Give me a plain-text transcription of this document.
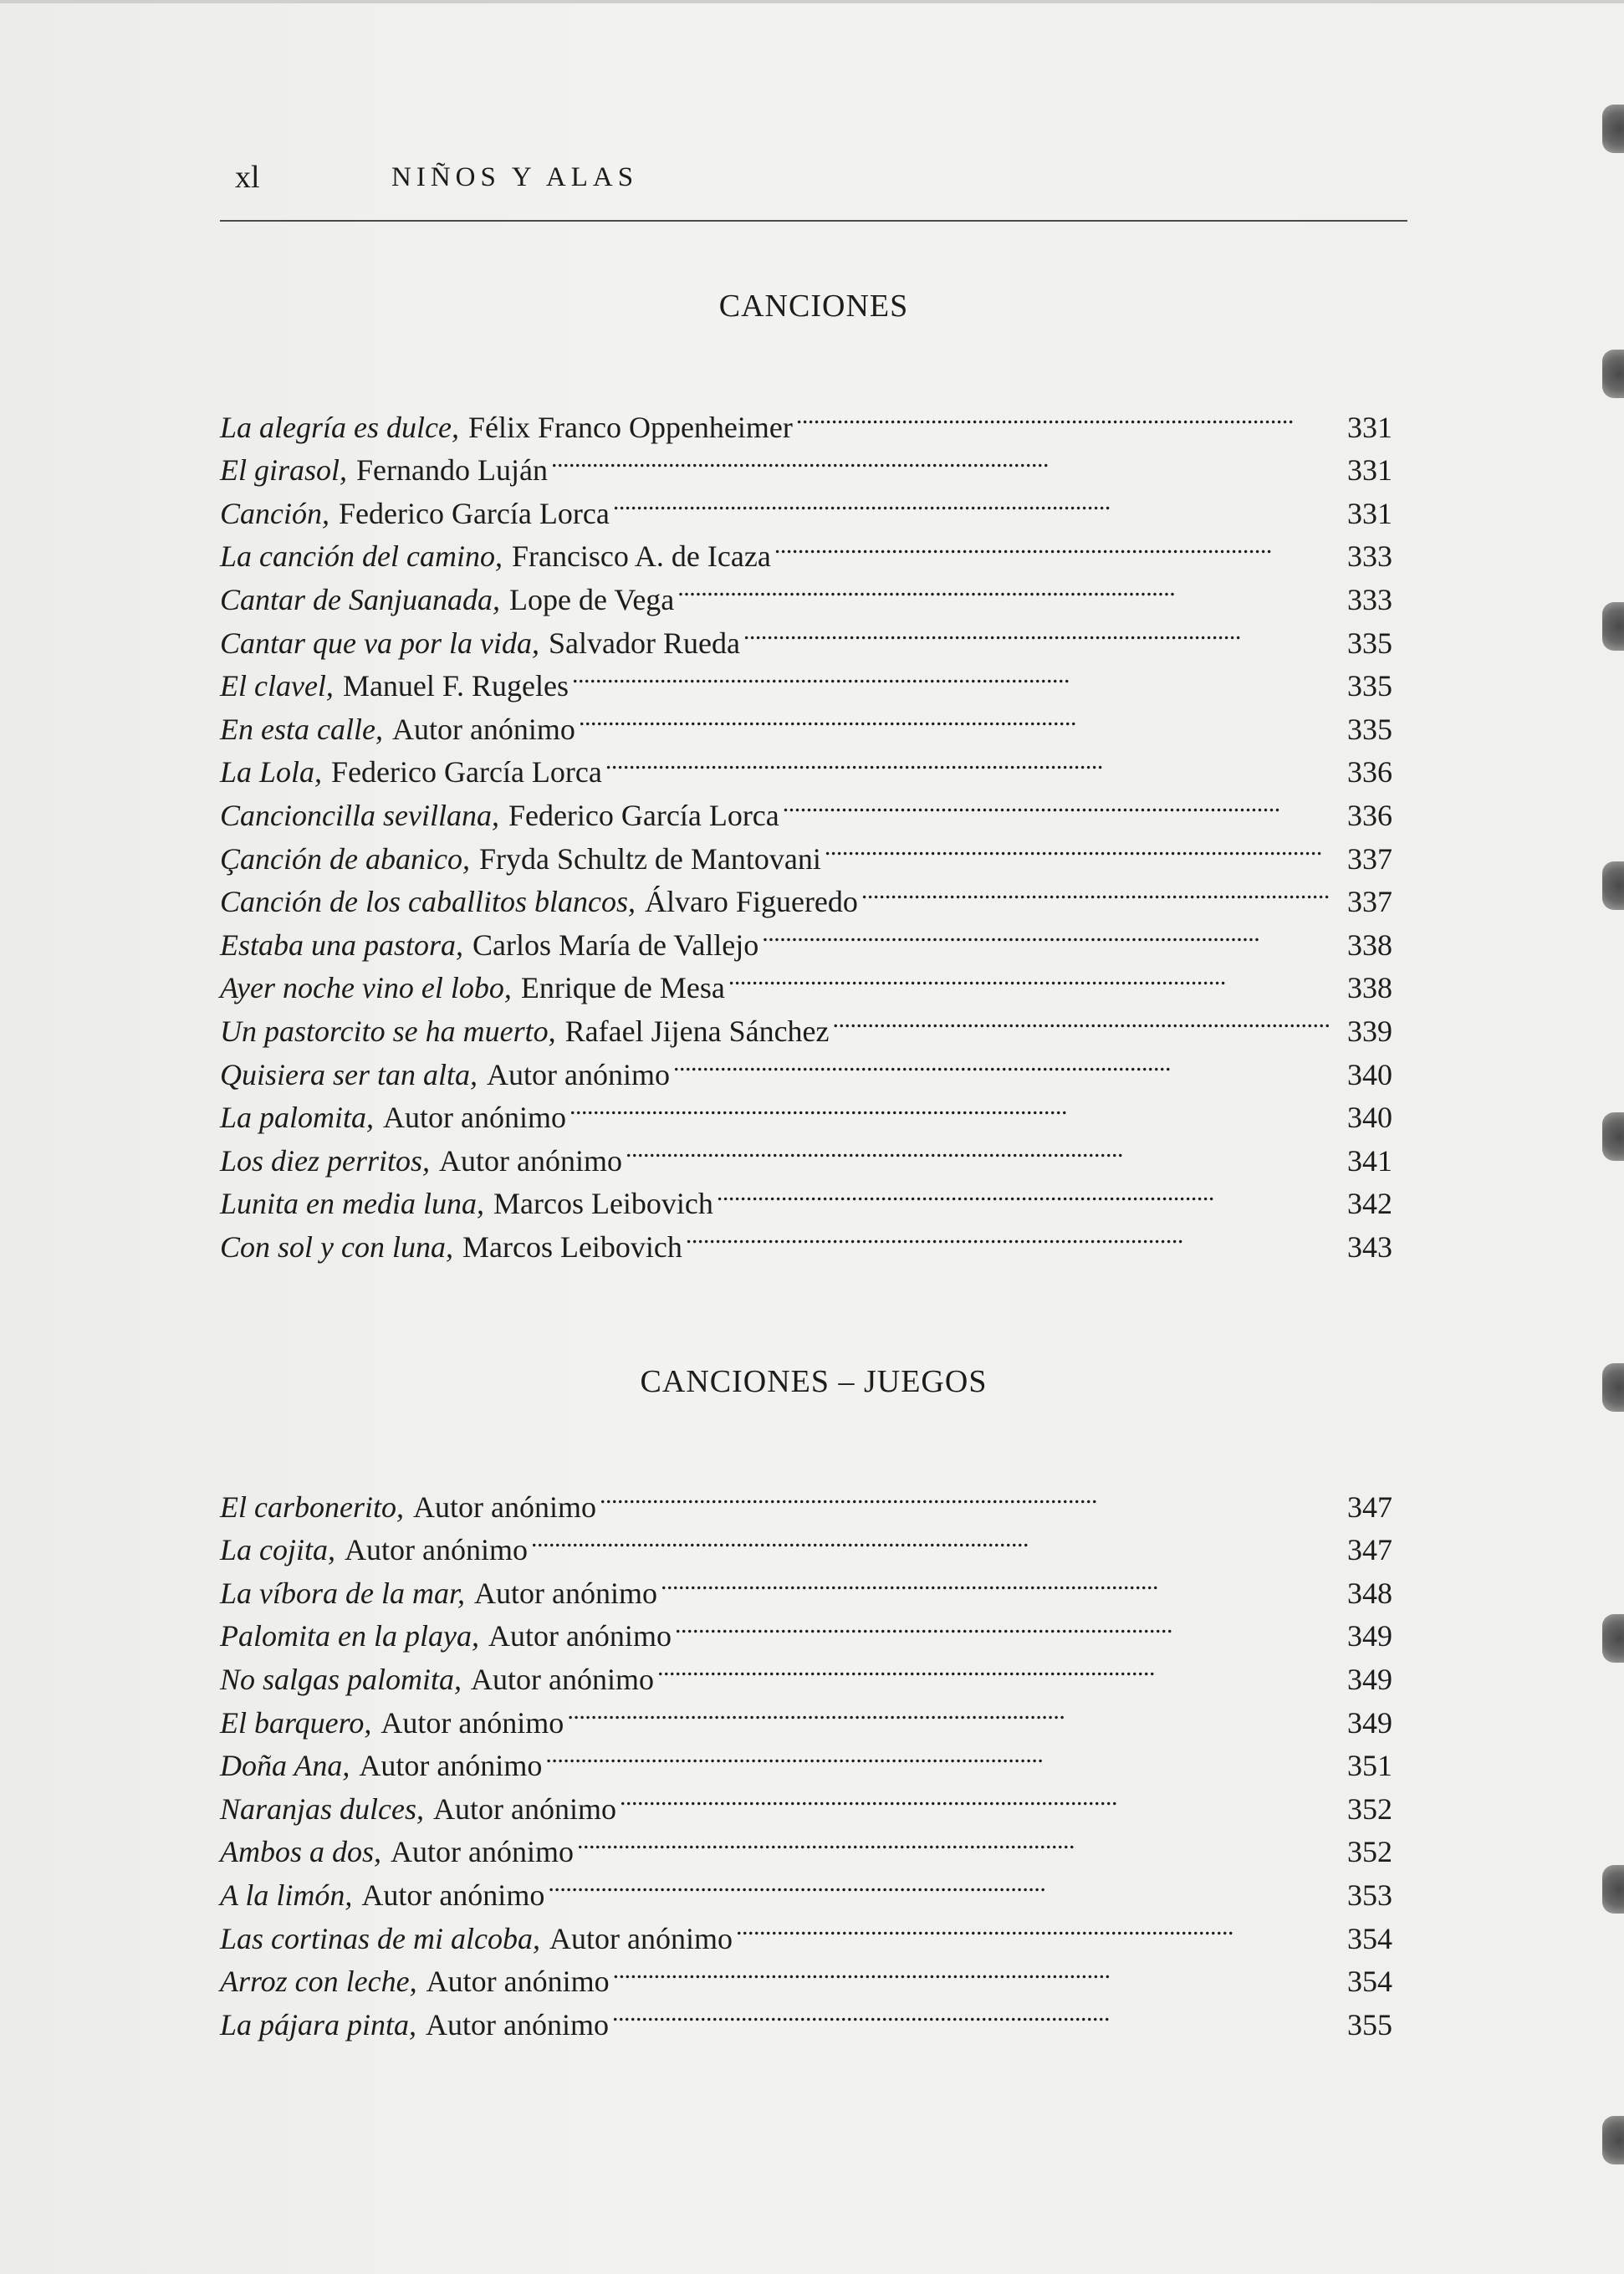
xl	NIÑOS Y ALAS
CANCIONES
La alegría es dulce, Félix Franco Oppenheimer . . .	331
El girasol, Fernando Luján . . .	331
Canción, Federico García Lorca . . .	331
La canción del camino, Francisco A. de Icaza . . .	333
Cantar de Sanjuanada, Lope de Vega . . .	333
Cantar que va por la vida, Salvador Rueda . . .	335
El clavel, Manuel F. Rugeles . . .	335
En esta calle, Autor anónimo . . .	335
La Lola, Federico García Lorca . . .	336
Cancioncilla sevillana, Federico García Lorca . . .	336
Çanción de abanico, Fryda Schultz de Mantovani . . .	337
Canción de los caballitos blancos, Álvaro Figueredo . . .	337
Estaba una pastora, Carlos María de Vallejo . . .	338
Ayer noche vino el lobo, Enrique de Mesa . . .	338
Un pastorcito se ha muerto, Rafael Jijena Sánchez . . .	339
Quisiera ser tan alta, Autor anónimo . . .	340
La palomita, Autor anónimo . . .	340
Los diez perritos, Autor anónimo . . .	341
Lunita en media luna, Marcos Leibovich . . .	342
Con sol y con luna, Marcos Leibovich . . .	343
CANCIONES – JUEGOS
El carbonerito, Autor anónimo . . .	347
La cojita, Autor anónimo . . .	347
La víbora de la mar, Autor anónimo . . .	348
Palomita en la playa, Autor anónimo . . .	349
No salgas palomita, Autor anónimo . . .	349
El barquero, Autor anónimo . . .	349
Doña Ana, Autor anónimo . . .	351
Naranjas dulces, Autor anónimo . . .	352
Ambos a dos, Autor anónimo . . .	352
A la limón, Autor anónimo . . .	353
Las cortinas de mi alcoba, Autor anónimo . . .	354
Arroz con leche, Autor anónimo . . .	354
La pájara pinta, Autor anónimo . . .	355
